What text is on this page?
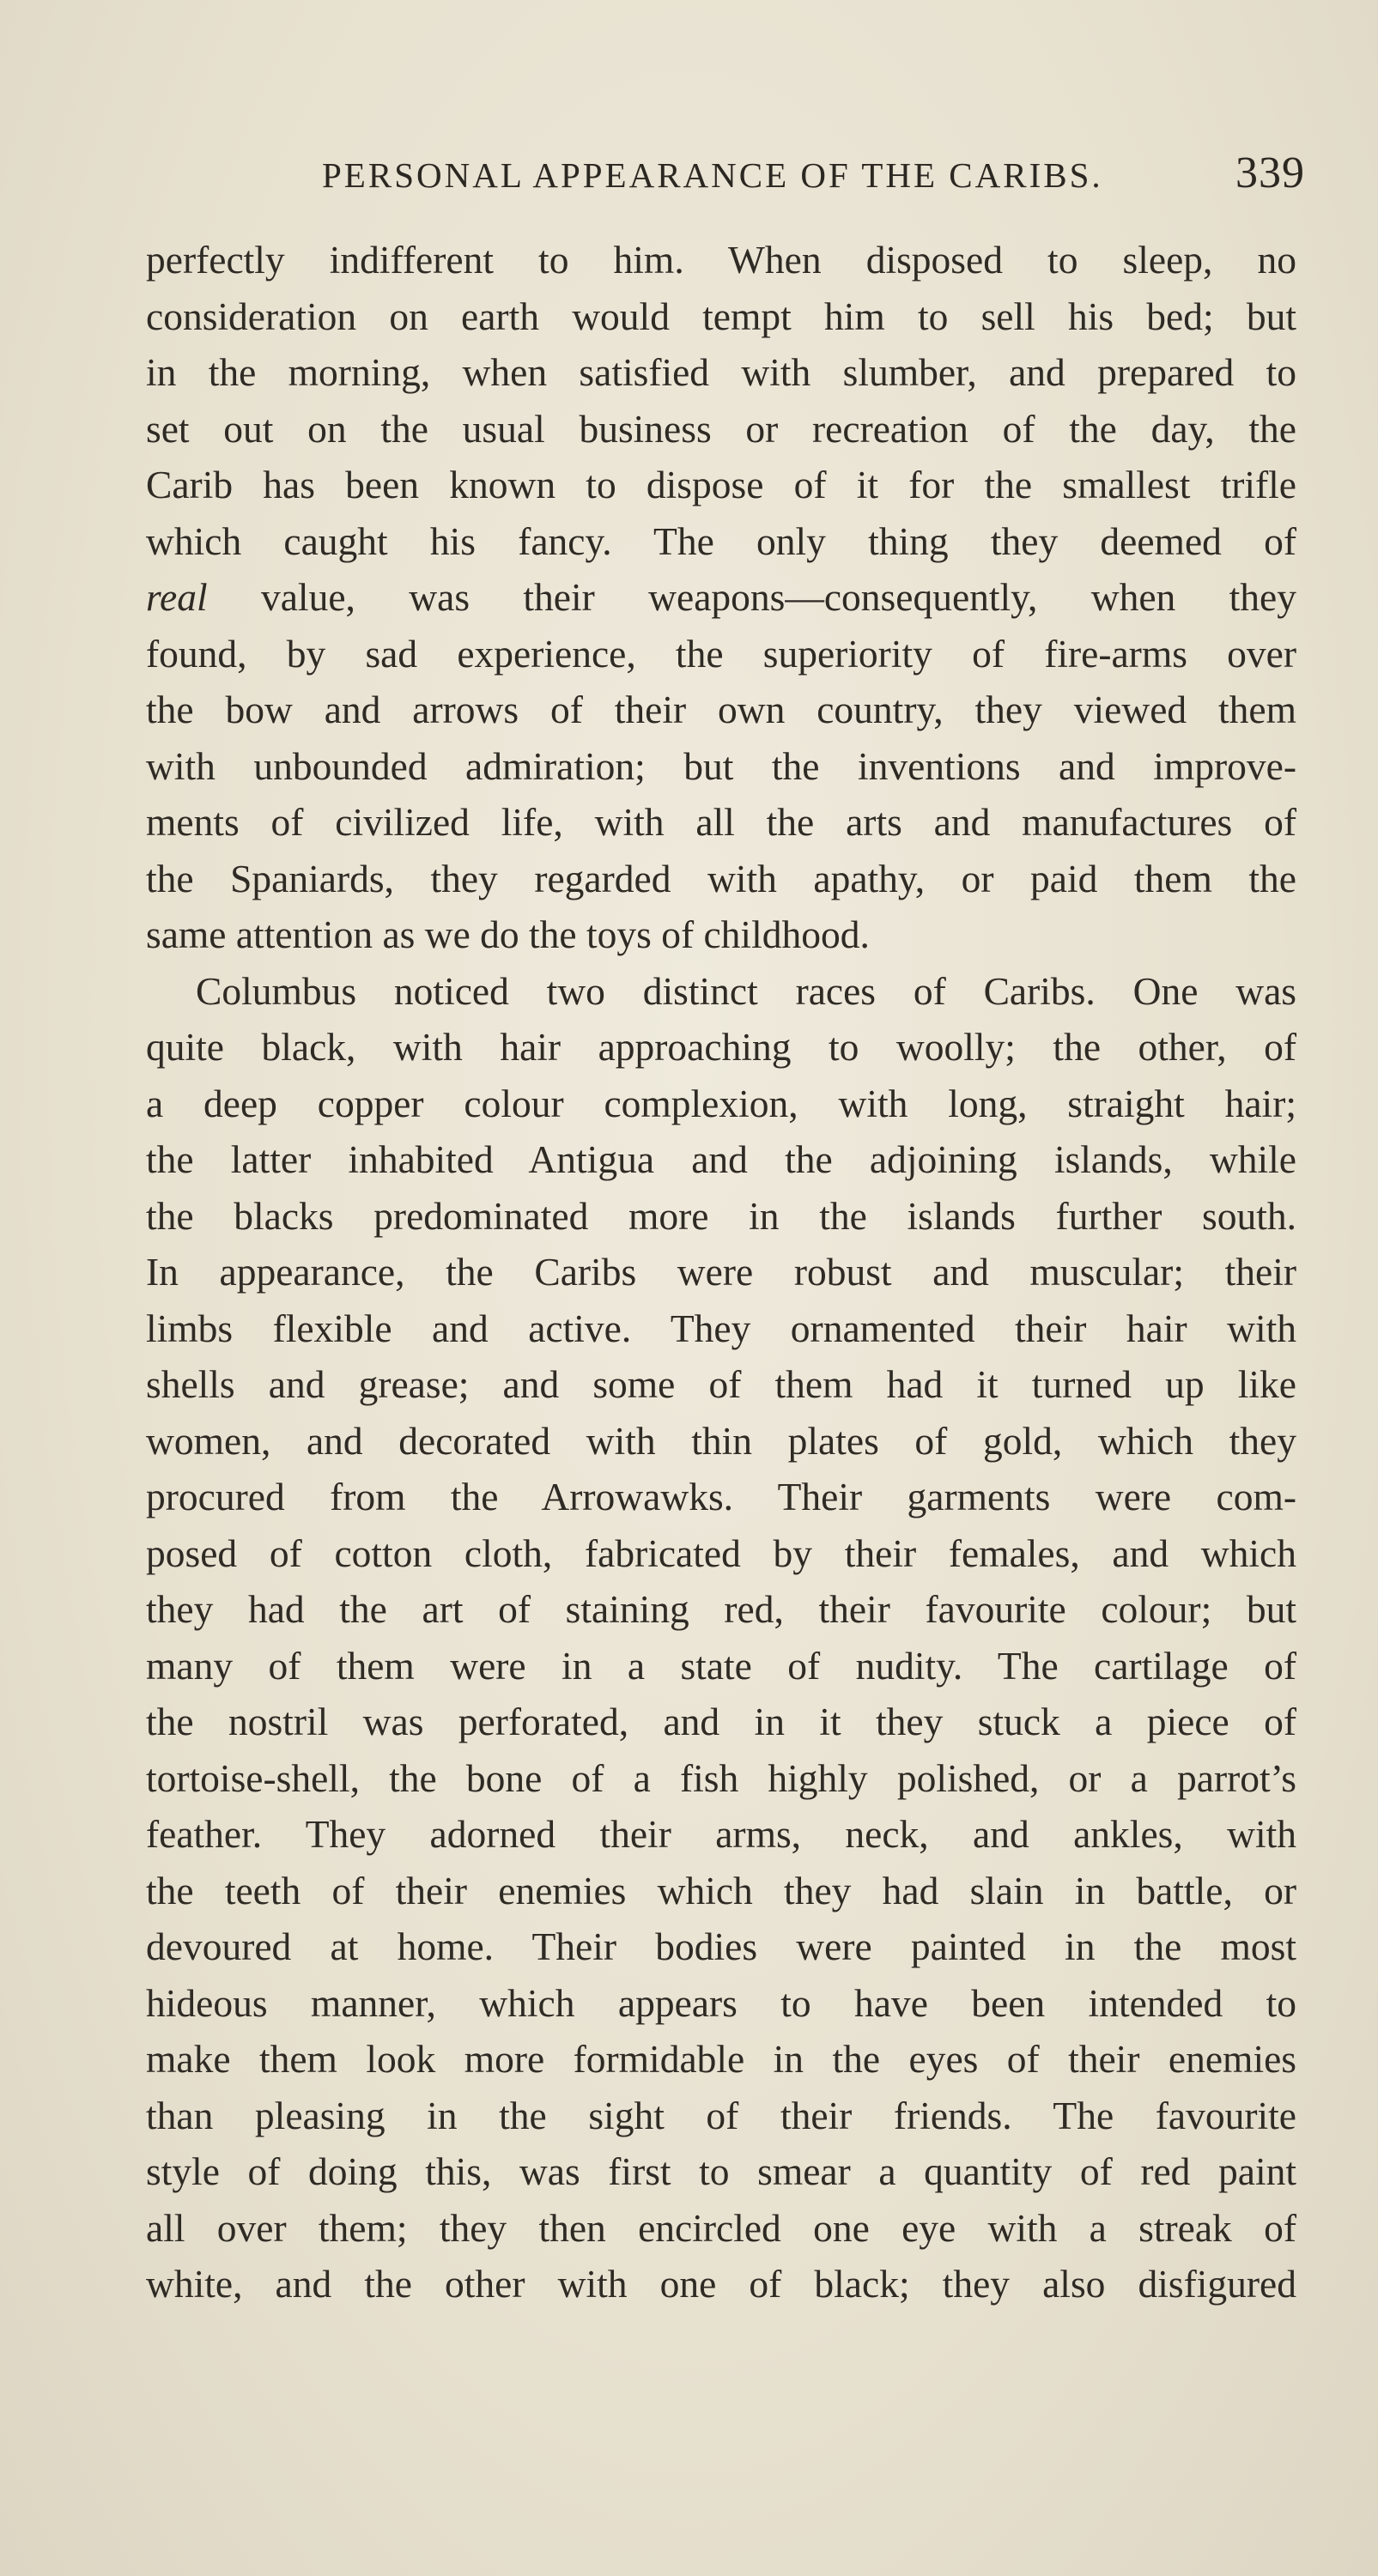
PERSONAL APPEARANCE OF THE CARIBS.	339
perfectly indifferent to him. When disposed to sleep, no
consideration on earth would tempt him to sell his bed; but
in the morning, when satisfied with slumber, and prepared to
set out on the usual business or recreation of the day, the
Carib has been known to dispose of it for the smallest trifle
which caught his fancy. The only thing they deemed of
real value, was their weapons—consequently, when they
found, by sad experience, the superiority of fire-arms over
the bow and arrows of their own country, they viewed them
with unbounded admiration; but the inventions and improve-
ments of civilized life, with all the arts and manufactures of
the Spaniards, they regarded with apathy, or paid them the
same attention as we do the toys of childhood.
Columbus noticed two distinct races of Caribs. One was
quite black, with hair approaching to woolly; the other, of
a deep copper colour complexion, with long, straight hair;
the latter inhabited Antigua and the adjoining islands, while
the blacks predominated more in the islands further south.
In appearance, the Caribs were robust and muscular; their
limbs flexible and active. They ornamented their hair with
shells and grease; and some of them had it turned up like
women, and decorated with thin plates of gold, which they
procured from the Arrowawks. Their garments were com-
posed of cotton cloth, fabricated by their females, and which
they had the art of staining red, their favourite colour; but
many of them were in a state of nudity. The cartilage of
the nostril was perforated, and in it they stuck a piece of
tortoise-shell, the bone of a fish highly polished, or a parrot’s
feather. They adorned their arms, neck, and ankles, with
the teeth of their enemies which they had slain in battle, or
devoured at home. Their bodies were painted in the most
hideous manner, which appears to have been intended to
make them look more formidable in the eyes of their enemies
than pleasing in the sight of their friends. The favourite
style of doing this, was first to smear a quantity of red paint
all over them; they then encircled one eye with a streak of
white, and the other with one of black; they also disfigured
